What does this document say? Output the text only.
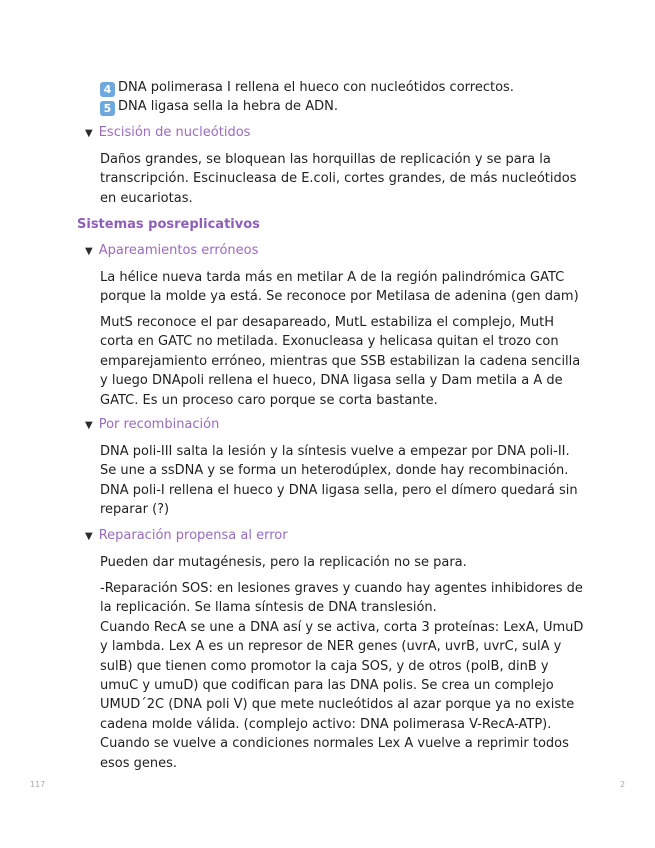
4 DNA polimerasa I rellena el hueco con nucleótidos correctos.
5 DNA ligasa sella la hebra de ADN.
▼ Escisión de nucleótidos
Daños grandes, se bloquean las horquillas de replicación y se para la transcripción. Escinucleasa de E.coli, cortes grandes, de más nucleótidos en eucariotas.
Sistemas posreplicativos
▼ Apareamientos erróneos
La hélice nueva tarda más en metilar A de la región palindrómica GATC porque la molde ya está. Se reconoce por Metilasa de adenina (gen dam)
MutS reconoce el par desapareado, MutL estabiliza el complejo, MutH corta en GATC no metilada. Exonucleasa y helicasa quitan el trozo con emparejamiento erróneo, mientras que SSB estabilizan la cadena sencilla y luego DNApoli rellena el hueco, DNA ligasa sella y Dam metila a A de GATC. Es un proceso caro porque se corta bastante.
▼ Por recombinación
DNA poli-III salta la lesión y la síntesis vuelve a empezar por DNA poli-II. Se une a ssDNA y se forma un heterodúplex, donde hay recombinación. DNA poli-I rellena el hueco y DNA ligasa sella, pero el dímero quedará sin reparar (?)
▼ Reparación propensa al error
Pueden dar mutagénesis, pero la replicación no se para.
-Reparación SOS: en lesiones graves y cuando hay agentes inhibidores de la replicación. Se llama síntesis de DNA translesión.
Cuando RecA se une a DNA así y se activa, corta 3 proteínas: LexA, UmuD y lambda. Lex A es un represor de NER genes (uvrA, uvrB, uvrC, sulA y sulB) que tienen como promotor la caja SOS, y de otros (polB, dinB y umuC y umuD) que codifican para las DNA polis. Se crea un complejo UMUD´2C (DNA poli V) que mete nucleótidos al azar porque ya no existe cadena molde válida. (complejo activo: DNA polimerasa V-RecA-ATP). Cuando se vuelve a condiciones normales Lex A vuelve a reprimir todos esos genes.
117	2
